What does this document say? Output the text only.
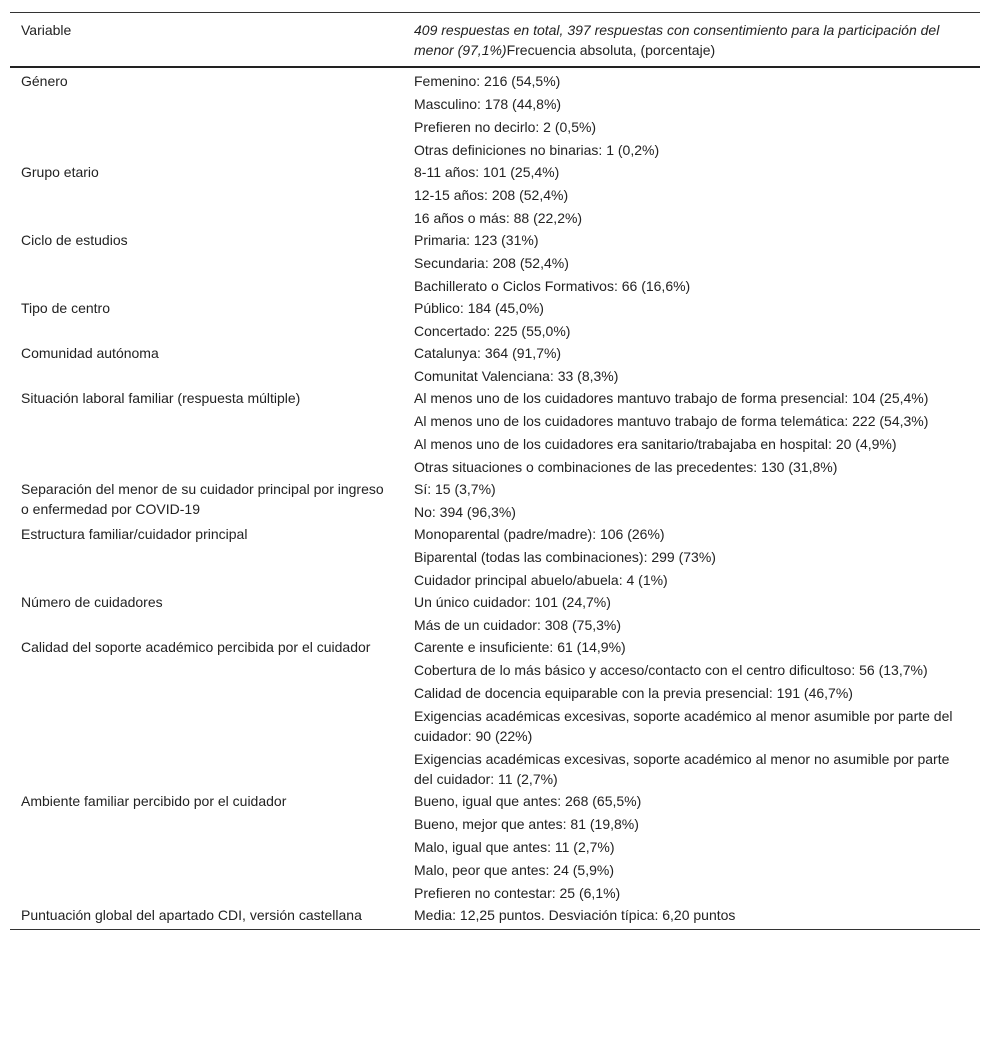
Variable	409 respuestas en total, 397 respuestas con consentimiento para la participación del menor (97,1%)Frecuencia absoluta, (porcentaje)
Género	Femenino: 216 (54,5%)
Masculino: 178 (44,8%)
Prefieren no decirlo: 2 (0,5%)
Otras definiciones no binarias: 1 (0,2%)

Grupo etario	8-11 años: 101 (25,4%)
12-15 años: 208 (52,4%)
16 años o más: 88 (22,2%)

Ciclo de estudios	Primaria: 123 (31%)
Secundaria: 208 (52,4%)
Bachillerato o Ciclos Formativos: 66 (16,6%)

Tipo de centro	Público: 184 (45,0%)
Concertado: 225 (55,0%)

Comunidad autónoma	Catalunya: 364 (91,7%)
Comunitat Valenciana: 33 (8,3%)

Situación laboral familiar (respuesta múltiple)	Al menos uno de los cuidadores mantuvo trabajo de forma presencial: 104 (25,4%)
Al menos uno de los cuidadores mantuvo trabajo de forma telemática: 222 (54,3%)
Al menos uno de los cuidadores era sanitario/trabajaba en hospital: 20 (4,9%)
Otras situaciones o combinaciones de las precedentes: 130 (31,8%)

Separación del menor de su cuidador principal por ingreso o enfermedad por COVID-19	Sí: 15 (3,7%)
No: 394 (96,3%)

Estructura familiar/cuidador principal	Monoparental (padre/madre): 106 (26%)
Biparental (todas las combinaciones): 299 (73%)
Cuidador principal abuelo/abuela: 4 (1%)

Número de cuidadores	Un único cuidador: 101 (24,7%)
Más de un cuidador: 308 (75,3%)

Calidad del soporte académico percibida por el cuidador	Carente e insuficiente: 61 (14,9%)
Cobertura de lo más básico y acceso/contacto con el centro dificultoso: 56 (13,7%)
Calidad de docencia equiparable con la previa presencial: 191 (46,7%)
Exigencias académicas excesivas, soporte académico al menor asumible por parte del cuidador: 90 (22%)
Exigencias académicas excesivas, soporte académico al menor no asumible por parte del cuidador: 11 (2,7%)

Ambiente familiar percibido por el cuidador	Bueno, igual que antes: 268 (65,5%)
Bueno, mejor que antes: 81 (19,8%)
Malo, igual que antes: 11 (2,7%)
Malo, peor que antes: 24 (5,9%)
Prefieren no contestar: 25 (6,1%)

Puntuación global del apartado CDI, versión castellana	Media: 12,25 puntos. Desviación típica: 6,20 puntos
